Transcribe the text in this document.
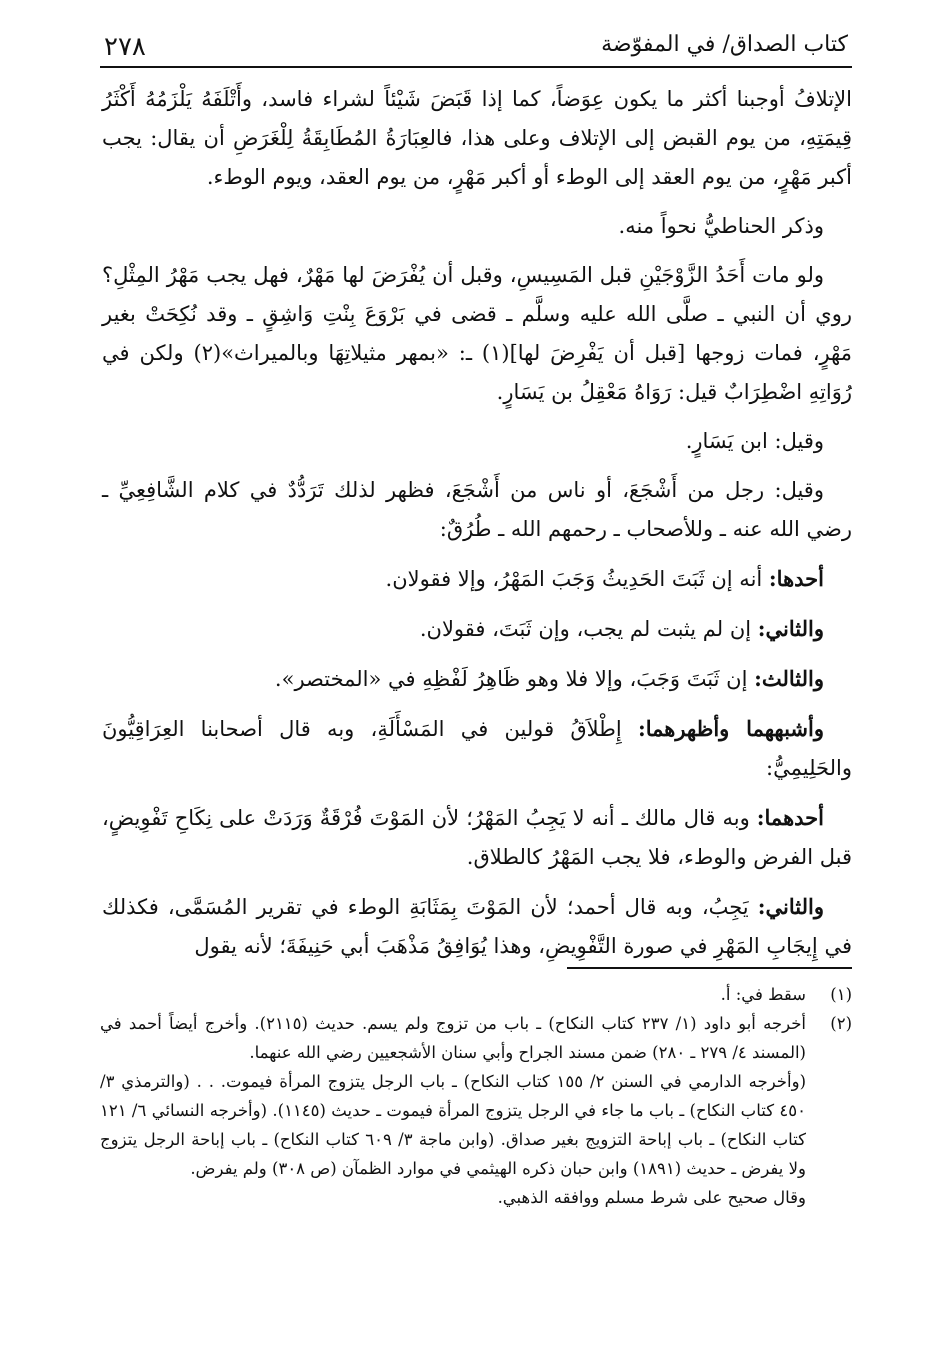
٢٧٨	كتاب الصداق/ في المفوّضة

الإتلافُ أوجبنا أكثر ما يكون عِوَضاً، كما إذا قَبَضَ شَيْئاً لشراء فاسد، وأَتْلَفَهُ يَلْزَمُهُ أَكْثَرُ قِيمَتِهِ، من يوم القبض إلى الإتلاف وعلى هذا، فالعِبَارَةُ المُطَابِقَةُ لِلْغَرَضِ أن يقال: يجب أكبر مَهْرٍ، من يوم العقد إلى الوطء أو أكبر مَهْرٍ، من يوم العقد، ويوم الوطء.

وذكر الحناطيُّ نحواً منه.

ولو مات أَحَدُ الزَّوْجَيْنِ قبل المَسِيسِ، وقبل أن يُفْرَضَ لها مَهْرٌ، فهل يجب مَهْرُ المِثْلِ؟ روي أن النبي ـ صلَّى الله عليه وسلَّم ـ قضى في بَرْوَعَ بِنْتِ وَاشِقٍ ـ وقد نُكِحَتْ بغير مَهْرٍ، فمات زوجها [قبل أن يَفْرِضَ لها](١) ـ: «بمهر مثيلاتِهَا وبالميراث»(٢) ولكن في رُوَاتِهِ اضْطِرَابٌ قيل: رَوَاهُ مَعْقِلُ بن يَسَارٍ.

وقيل: ابن يَسَارٍ.

وقيل: رجل من أَشْجَعَ، أو ناس من أَشْجَعَ، فظهر لذلك تَرَدُّدٌ في كلام الشَّافِعِيِّ ـ رضي الله عنه ـ وللأصحاب ـ رحمهم الله ـ طُرُقٌ:

أحدها: أنه إن ثَبَتَ الحَدِيثُ وَجَبَ المَهْرُ، وإلا فقولان.

والثاني: إن لم يثبت لم يجب، وإن ثَبَتَ، فقولان.

والثالث: إن ثَبَتَ وَجَبَ، وإلا فلا وهو ظَاهِرُ لَفْظِهِ في «المختصر».

وأشبههما وأظهرهما: إِطْلاَقُ قولين في المَسْأَلَةِ، وبه قال أصحابنا العِرَاقِيُّونَ والحَلِيمِيُّ:

أحدهما: وبه قال مالك ـ أنه لا يَجِبُ المَهْرُ؛ لأن المَوْتَ فُرْقَةٌ وَرَدَتْ على نِكَاحِ تَفْوِيضٍ، قبل الفرض والوطء، فلا يجب المَهْرُ كالطلاق.

والثاني: يَجِبُ، وبه قال أحمد؛ لأن المَوْتَ بِمَثَابَةِ الوطء في تقرير المُسَمَّى، فكذلك في إِيجَابِ المَهْرِ في صورة التَّفْوِيضِ، وهذا يُوَافِقُ مَذْهَبَ أبي حَنِيفَةَ؛ لأنه يقول

(١)
سقط في: أ.
(٢)
أخرجه أبو داود (١/ ٢٣٧ كتاب النكاح) ـ باب من تزوج ولم يسم. حديث (٢١١٥). وأخرج أيضاً أحمد في (المسند ٤/ ٢٧٩ ـ ٢٨٠) ضمن مسند الجراح وأبي سنان الأشجعيين رضي الله عنهما.
(وأخرجه الدارمي في السنن ٢/ ١٥٥ كتاب النكاح) ـ باب الرجل يتزوج المرأة فيموت. . . (والترمذي ٣/ ٤٥٠ كتاب النكاح) ـ باب ما جاء في الرجل يتزوج المرأة فيموت ـ حديث (١١٤٥). (وأخرجه النسائي ٦/ ١٢١ كتاب النكاح) ـ باب إباحة التزويج بغير صداق. (وابن ماجة ٣/ ٦٠٩ كتاب النكاح) ـ باب إباحة الرجل يتزوج ولا يفرض ـ حديث (١٨٩١) وابن حبان ذكره الهيثمي في موارد الظمآن (ص ٣٠٨) ولم يفرض.
وقال صحيح على شرط مسلم ووافقه الذهبي.
